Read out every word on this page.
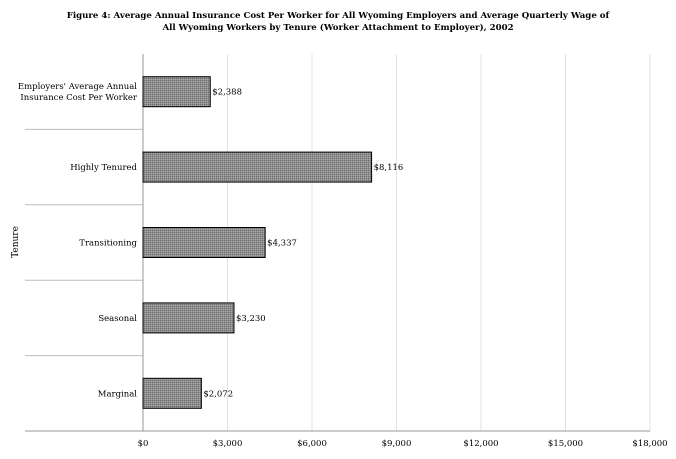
Figure 4: Average Annual Insurance Cost Per Worker for All Wyoming Employers and Average Quarterly Wage of
All Wyoming Workers by Tenure (Worker Attachment to Employer), 2002
$0	$3,000	$6,000	$9,000	$12,000	$15,000	$18,000
$2,388
Employers' Average Annual
Insurance Cost Per Worker
$8,116
Highly Tenured
$4,337
Transitioning
$3,230
Seasonal
$2,072
Marginal
Tenure
